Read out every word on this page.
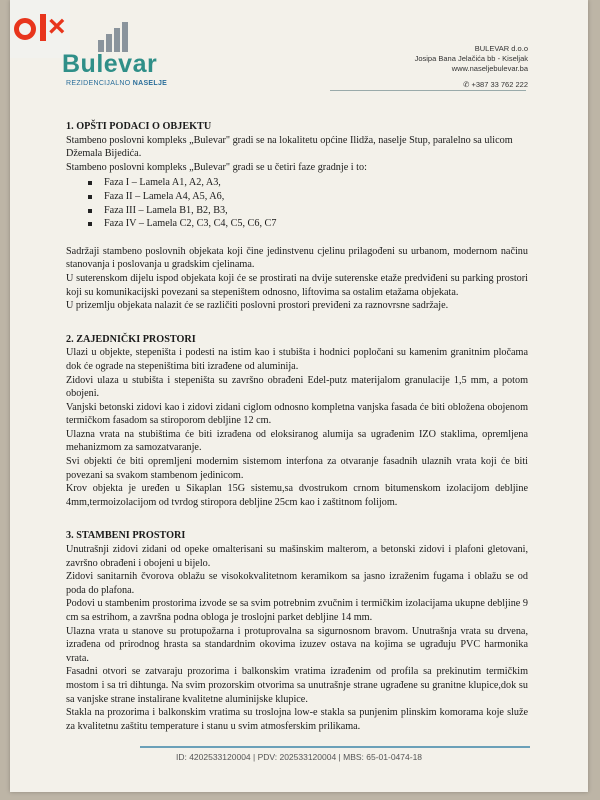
×
Bulevar
REZIDENCIJALNO NASELJE
BULEVAR d.o.o
Josipa Bana Jelačića bb - Kiseljak
www.naseljebulevar.ba
✆ +387 33 762 222

1. OPŠTI PODACI O OBJEKTU

Stambeno poslovni kompleks „Bulevar" gradi se na lokalitetu općine Ilidža, naselje Stup, paralelno sa ulicom Džemala Bijedića.

Stambeno poslovni kompleks „Bulevar" gradi se u četiri faze gradnje i to:

Faza I – Lamela A1, A2, A3,
Faza II – Lamela A4, A5, A6,
Faza III – Lamela B1, B2, B3,
Faza IV – Lamela C2, C3, C4, C5, C6, C7

Sadržaji stambeno poslovnih objekata koji čine jedinstvenu cjelinu prilagođeni su urbanom, modernom načinu stanovanja i poslovanja u gradskim cjelinama.

U suterenskom dijelu ispod objekata koji će se prostirati na dvije suterenske etaže predviđeni su parking prostori koji su komunikacijski povezani sa stepeništem odnosno, liftovima sa ostalim etažama objekata.

U prizemlju objekata nalazit će se različiti poslovni prostori previđeni za raznovrsne sadržaje.

2. ZAJEDNIČKI PROSTORI

Ulazi u objekte, stepeništa i podesti na istim kao i stubišta i hodnici popločani su kamenim granitnim pločama dok će ograde na stepeništima biti izrađene od aluminija.

Zidovi ulaza u stubišta i stepeništa su završno obrađeni Edel-putz materijalom granulacije 1,5 mm, a potom obojeni.

Vanjski betonski zidovi kao i zidovi zidani ciglom odnosno kompletna vanjska fasada će biti obložena obojenom termičkom fasadom sa stiroporom debljine 12 cm.

Ulazna vrata na stubištima će biti izrađena od eloksiranog alumija sa ugrađenim IZO staklima, opremljena mehanizmom za samozatvaranje.

Svi objekti će biti opremljeni modernim sistemom interfona za otvaranje fasadnih ulaznih vrata koji će biti povezani sa svakom stambenom jedinicom.

Krov objekta je uređen u Sikaplan 15G sistemu,sa dvostrukom crnom bitumenskom izolacijom debljine 4mm,termoizolacijom od tvrdog stiropora debljine 25cm kao i zaštitnom folijom.

3. STAMBENI PROSTORI

Unutrašnji zidovi zidani od opeke omalterisani su mašinskim malterom, a betonski zidovi i plafoni gletovani, završno obrađeni i obojeni u bijelo.

Zidovi sanitarnih čvorova oblažu se visokokvalitetnom keramikom sa jasno izraženim fugama i oblažu se od poda do plafona.

Podovi u stambenim prostorima izvode se sa svim potrebnim zvučnim i termičkim izolacijama ukupne debljine 9 cm sa estrihom, a završna podna obloga je troslojni parket debljine 14 mm.

Ulazna vrata u stanove su protupožarna i protuprovalna sa sigurnosnom bravom. Unutrašnja vrata su drvena, izrađena od prirodnog hrasta sa standardnim okovima izuzev ostava na kojima se ugrađuju PVC harmonika vrata.

Fasadni otvori se zatvaraju prozorima i balkonskim vratima izrađenim od profila sa prekinutim termičkim mostom i sa tri dihtunga. Na svim prozorskim otvorima sa unutrašnje strane ugrađene su granitne klupice,dok su sa vanjske strane instalirane kvalitetne aluminijske klupice.

Stakla na prozorima i balkonskim vratima su troslojna low-e stakla sa punjenim plinskim komorama koje služe za kvalitetnu zaštitu temperature i stanu u svim atmosferskim prilikama.

ID: 4202533120004 | PDV: 202533120004 | MBS: 65-01-0474-18
